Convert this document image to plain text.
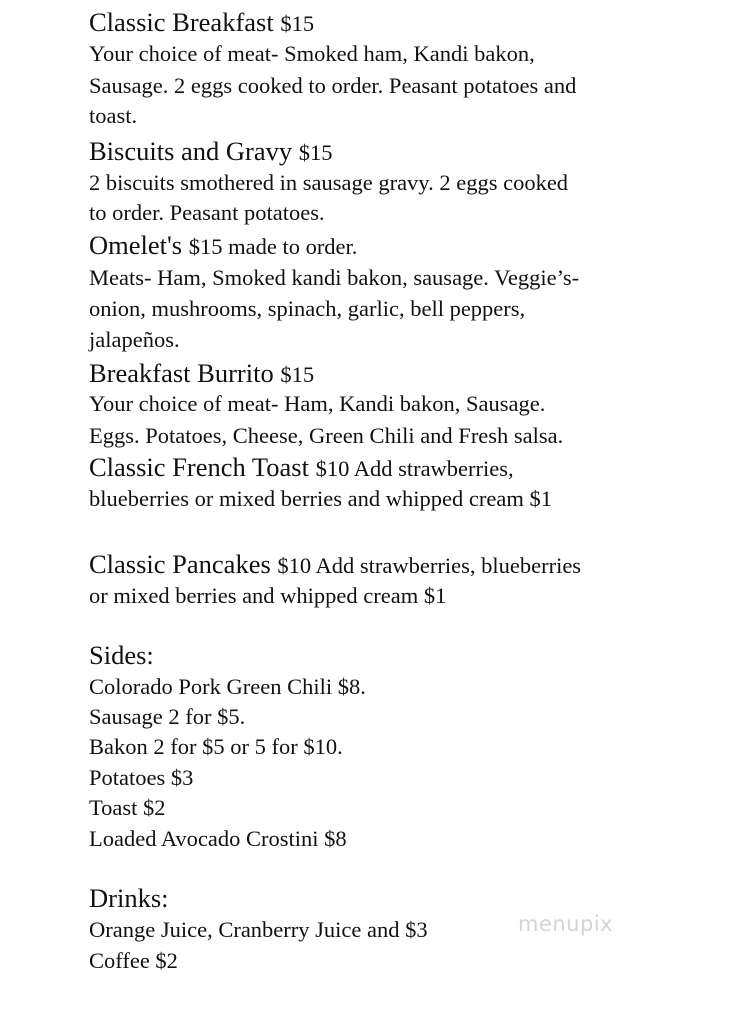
Classic Breakfast $15
Your choice of meat- Smoked ham, Kandi bakon,
Sausage. 2 eggs cooked to order. Peasant potatoes and
toast.
Biscuits and Gravy $15
2 biscuits smothered in sausage gravy. 2 eggs cooked
to order. Peasant potatoes.
Omelet's $15 made to order.
Meats- Ham, Smoked kandi bakon, sausage. Veggie’s-
onion, mushrooms, spinach, garlic, bell peppers,
jalapeños.
Breakfast Burrito $15
Your choice of meat- Ham, Kandi bakon, Sausage.
Eggs. Potatoes, Cheese, Green Chili and Fresh salsa.
Classic French Toast $10 Add strawberries,
blueberries or mixed berries and whipped cream $1
Classic Pancakes $10 Add strawberries, blueberries
or mixed berries and whipped cream $1
Sides:
Colorado Pork Green Chili $8.
Sausage 2 for $5.
Bakon 2 for $5 or 5 for $10.
Potatoes $3
Toast $2
Loaded Avocado Crostini $8
Drinks:
Orange Juice, Cranberry Juice and $3
Coffee $2
menupix
